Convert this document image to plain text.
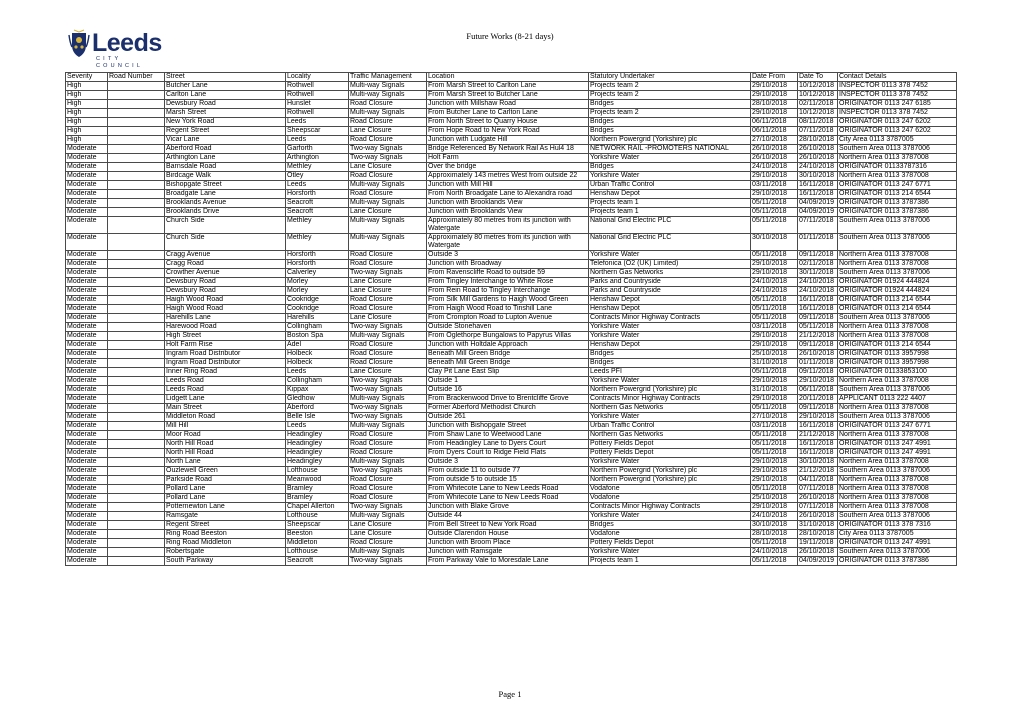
Leeds
CITY COUNCIL
Future Works (8-21 days)
Severity	Road Number	Street	Locality	Traffic Management	Location	Statutory Undertaker	Date From	Date To	Contact Details
High		Butcher Lane	Rothwell	Multi-way Signals	From Marsh Street to Carlton Lane	Projects team 2	29/10/2018	10/12/2018	INSPECTOR 0113 378 7452
High		Carlton Lane	Rothwell	Multi-way Signals	From Marsh Street to Butcher Lane	Projects team 2	29/10/2018	10/12/2018	INSPECTOR 0113 378 7452
High		Dewsbury Road	Hunslet	Road Closure	Junction with Millshaw Road	Bridges	28/10/2018	02/11/2018	ORIGINATOR 0113 247 6185
High		Marsh Street	Rothwell	Multi-way Signals	From Butcher Lane to Carlton Lane	Projects team 2	29/10/2018	10/12/2018	INSPECTOR 0113 378 7452
High		New York Road	Leeds	Road Closure	From North Street to Quarry House	Bridges	06/11/2018	08/11/2018	ORIGINATOR 0113 247 6202
High		Regent Street	Sheepscar	Lane Closure	From Hope Road to New York Road	Bridges	06/11/2018	07/11/2018	ORIGINATOR 0113 247 6202
High		Vicar Lane	Leeds	Road Closure	Junction with Ludgate Hill	Northern Powergrid (Yorkshire) plc	27/10/2018	28/10/2018	City Area 0113 3787005
Moderate		Aberford Road	Garforth	Two-way Signals	Bridge Referenced By Network Rail As Hul4 18	NETWORK RAIL -PROMOTERS NATIONAL	26/10/2018	26/10/2018	Southern Area 0113 3787006
Moderate		Arthington Lane	Arthington	Two-way Signals	Holt Farm	Yorkshire Water	26/10/2018	26/10/2018	Northern Area 0113 3787008
Moderate		Barnsdale Road	Methley	Lane Closure	Over the bridge	Bridges	24/10/2018	24/10/2018	ORIGINATOR 01133787316
Moderate		Birdcage Walk	Otley	Road Closure	Approximately 143 metres West from outside 22	Yorkshire Water	29/10/2018	30/10/2018	Northern Area 0113 3787008
Moderate		Bishopgate Street	Leeds	Multi-way Signals	Junction with Mill Hill	Urban Traffic Control	03/11/2018	16/11/2018	ORIGINATOR 0113 247 6771
Moderate		Broadgate Lane	Horsforth	Road Closure	From North Broadgate Lane to Alexandra road	Henshaw Depot	29/10/2018	16/11/2018	ORIGINATOR 0113 214 6544
Moderate		Brooklands Avenue	Seacroft	Multi-way Signals	Junction with Brooklands View	Projects team 1	05/11/2018	04/09/2019	ORIGINATOR 0113 3787386
Moderate		Brooklands Drive	Seacroft	Lane Closure	Junction with Brooklands View	Projects team 1	05/11/2018	04/09/2019	ORIGINATOR 0113 3787386
Moderate		Church Side	Methley	Multi-way Signals	Approximately 80 metres from its junction with Watergate	National Grid Electric PLC	05/11/2018	07/11/2018	Southern Area 0113 3787006
Moderate		Church Side	Methley	Multi-way Signals	Approximately 80 metres from its junction with Watergate	National Grid Electric PLC	30/10/2018	01/11/2018	Southern Area 0113 3787006
Moderate		Cragg Avenue	Horsforth	Road Closure	Outside 3	Yorkshire Water	05/11/2018	09/11/2018	Northern Area 0113 3787008
Moderate		Cragg Road	Horsforth	Road Closure	Junction with Broadway	Telefonica (O2 (UK) Limited)	29/10/2018	02/11/2018	Northern Area 0113 3787008
Moderate		Crowther Avenue	Calverley	Two-way Signals	From Ravenscliffe Road to outside 59	Northern Gas Networks	29/10/2018	30/11/2018	Southern Area 0113 3787006
Moderate		Dewsbury Road	Morley	Lane Closure	From Tingley Interchange to White Rose	Parks and Countryside	24/10/2018	24/10/2018	ORIGINATOR 01924 444824
Moderate		Dewsbury Road	Morley	Lane Closure	From Rein Road to Tingley Interchange	Parks and Countryside	24/10/2018	24/10/2018	ORIGINATOR 01924 444824
Moderate		Haigh Wood Road	Cookridge	Road Closure	From Silk Mill Gardens to Haigh Wood Green	Henshaw Depot	05/11/2018	16/11/2018	ORIGINATOR 0113 214 6544
Moderate		Haigh Wood Road	Cookridge	Road Closure	From Haigh Wood Road to Tinshill Lane	Henshaw Depot	05/11/2018	16/11/2018	ORIGINATOR 0113 214 6544
Moderate		Harehills Lane	Harehills	Lane Closure	From Crompton Road to Lupton Avenue	Contracts Minor Highway Contracts	05/11/2018	09/11/2018	Southern Area 0113 3787006
Moderate		Harewood Road	Collingham	Two-way Signals	Outside Stonehaven	Yorkshire Water	03/11/2018	05/11/2018	Northern Area 0113 3787008
Moderate		High Street	Boston Spa	Multi-way Signals	From Oglethorpe Bungalows to Papyrus Villas	Yorkshire Water	29/10/2018	21/12/2018	Northern Area 0113 3787008
Moderate		Holt Farm Rise	Adel	Road Closure	Junction with Holtdale Approach	Henshaw Depot	29/10/2018	09/11/2018	ORIGINATOR 0113 214 6544
Moderate		Ingram Road Distributor	Holbeck	Road Closure	Beneath Mill Green Bridge	Bridges	25/10/2018	26/10/2018	ORIGINATOR 0113 3957998
Moderate		Ingram Road Distributor	Holbeck	Road Closure	Beneath Mill Green Bridge	Bridges	31/10/2018	01/11/2018	ORIGINATOR 0113 3957998
Moderate		Inner Ring Road	Leeds	Lane Closure	Clay Pit Lane East Slip	Leeds PFI	05/11/2018	09/11/2018	ORIGINATOR 01133853100
Moderate		Leeds Road	Collingham	Two-way Signals	Outside 1	Yorkshire Water	29/10/2018	29/10/2018	Northern Area 0113 3787008
Moderate		Leeds Road	Kippax	Two-way Signals	Outside 16	Northern Powergrid (Yorkshire) plc	31/10/2018	06/11/2018	Southern Area 0113 3787006
Moderate		Lidgett Lane	Gledhow	Multi-way Signals	From Brackenwood Drive to Brentcliffe Grove	Contracts Minor Highway Contracts	29/10/2018	20/11/2018	APPLICANT 0113 222 4407
Moderate		Main Street	Aberford	Two-way Signals	Former Aberford Methodist Church	Northern Gas Networks	05/11/2018	09/11/2018	Northern Area 0113 3787008
Moderate		Middleton Road	Belle Isle	Two-way Signals	Outside 261	Yorkshire Water	27/10/2018	29/10/2018	Southern Area 0113 3787006
Moderate		Mill Hill	Leeds	Multi-way Signals	Junction with Bishopgate Street	Urban Traffic Control	03/11/2018	16/11/2018	ORIGINATOR 0113 247 6771
Moderate		Moor Road	Headingley	Road Closure	From Shaw Lane to Weetwood Lane	Northern Gas Networks	05/11/2018	21/12/2018	Northern Area 0113 3787008
Moderate		North Hill Road	Headingley	Road Closure	From Headingley Lane to Dyers Court	Pottery Fields Depot	05/11/2018	16/11/2018	ORIGINATOR 0113 247 4991
Moderate		North Hill Road	Headingley	Road Closure	From Dyers Court to Ridge Field Flats	Pottery Fields Depot	05/11/2018	16/11/2018	ORIGINATOR 0113 247 4991
Moderate		North Lane	Headingley	Multi-way Signals	Outside 3	Yorkshire Water	29/10/2018	30/10/2018	Northern Area 0113 3787008
Moderate		Ouzlewell Green	Lofthouse	Two-way Signals	From outside 11 to outside 77	Northern Powergrid (Yorkshire) plc	29/10/2018	21/12/2018	Southern Area 0113 3787006
Moderate		Parkside Road	Meanwood	Road Closure	From outside 5 to outside 15	Northern Powergrid (Yorkshire) plc	29/10/2018	04/11/2018	Northern Area 0113 3787008
Moderate		Pollard Lane	Bramley	Road Closure	From Whitecote Lane to New Leeds Road	Vodafone	05/11/2018	07/11/2018	Northern Area 0113 3787008
Moderate		Pollard Lane	Bramley	Road Closure	From Whitecote Lane to New Leeds Road	Vodafone	25/10/2018	26/10/2018	Northern Area 0113 3787008
Moderate		Potternewton Lane	Chapel Allerton	Two-way Signals	Junction with Blake Grove	Contracts Minor Highway Contracts	29/10/2018	07/11/2018	Northern Area 0113 3787008
Moderate		Ramsgate	Lofthouse	Multi-way Signals	Outside 44	Yorkshire Water	24/10/2018	26/10/2018	Southern Area 0113 3787006
Moderate		Regent Street	Sheepscar	Lane Closure	From Bell Street to New York Road	Bridges	30/10/2018	31/10/2018	ORIGINATOR 0113 378 7316
Moderate		Ring Road Beeston	Beeston	Lane Closure	Outside Clarendon House	Vodafone	28/10/2018	28/10/2018	City Area 0113 3787005
Moderate		Ring Road Middleton	Middleton	Road Closure	Junction with Broom Place	Pottery Fields Depot	05/11/2018	19/11/2018	ORIGINATOR 0113 247 4991
Moderate		Robertsgate	Lofthouse	Multi-way Signals	Junction with Ramsgate	Yorkshire Water	24/10/2018	26/10/2018	Southern Area 0113 3787006
Moderate		South Parkway	Seacroft	Two-way Signals	From Parkway Vale to Moresdale Lane	Projects team 1	05/11/2018	04/09/2019	ORIGINATOR 0113 3787386
Page 1
